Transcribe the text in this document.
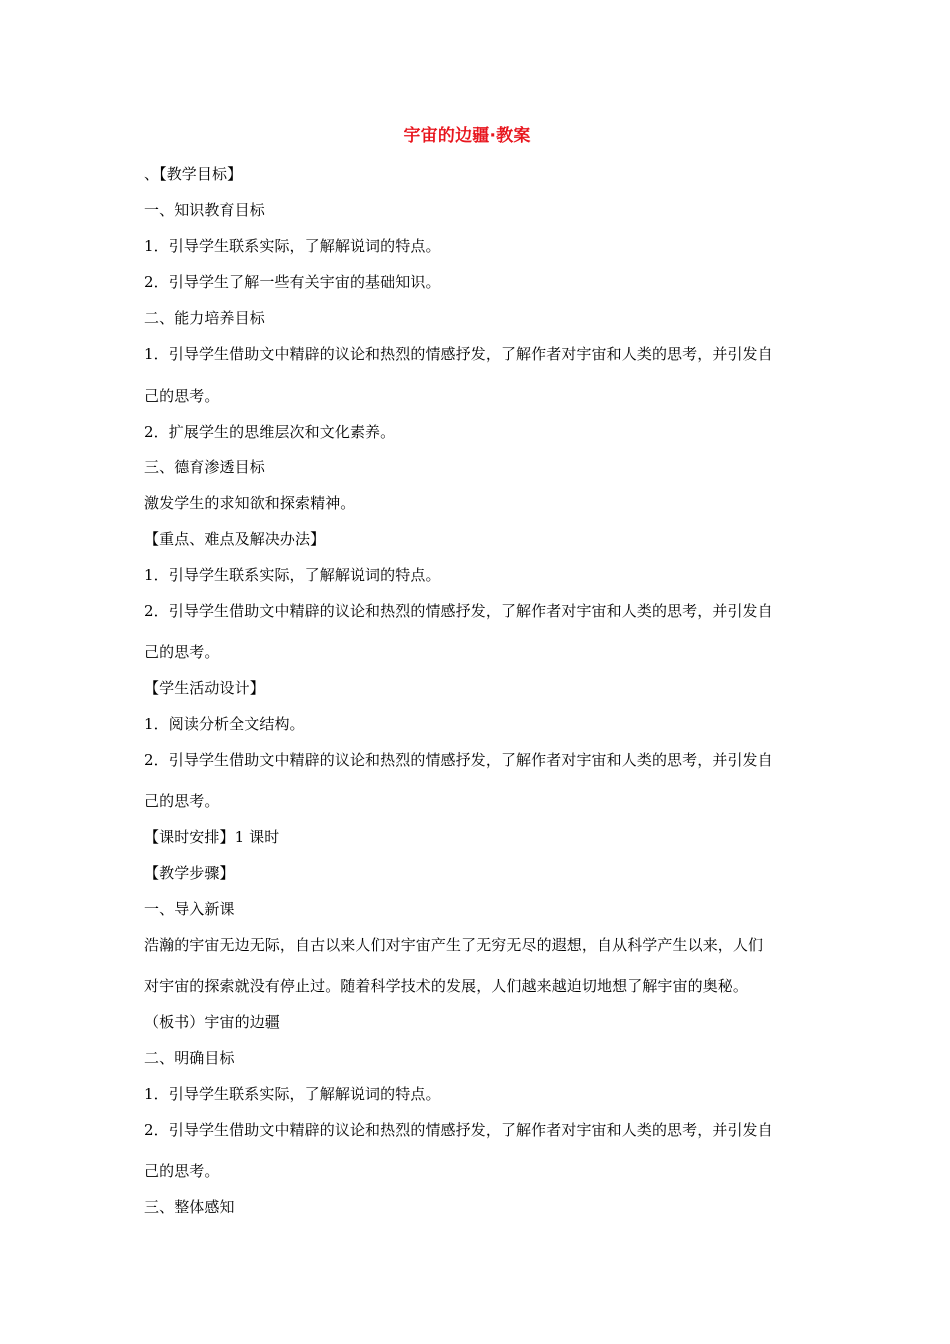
宇宙的边疆·教案
、【教学目标】
一、知识教育目标
1．引导学生联系实际，了解解说词的特点。
2．引导学生了解一些有关宇宙的基础知识。
二、能力培养目标
1．引导学生借助文中精辟的议论和热烈的情感抒发，了解作者对宇宙和人类的思考，并引发自
己的思考。
2．扩展学生的思维层次和文化素养。
三、德育渗透目标
激发学生的求知欲和探索精神。
【重点、难点及解决办法】
1．引导学生联系实际，了解解说词的特点。
2．引导学生借助文中精辟的议论和热烈的情感抒发，了解作者对宇宙和人类的思考，并引发自
己的思考。
【学生活动设计】
1．阅读分析全文结构。
2．引导学生借助文中精辟的议论和热烈的情感抒发，了解作者对宇宙和人类的思考，并引发自
己的思考。
【课时安排】1 课时
【教学步骤】
一、导入新课
浩瀚的宇宙无边无际，自古以来人们对宇宙产生了无穷无尽的遐想，自从科学产生以来，人们
对宇宙的探索就没有停止过。随着科学技术的发展，人们越来越迫切地想了解宇宙的奥秘。
（板书）宇宙的边疆
二、明确目标
1．引导学生联系实际，了解解说词的特点。
2．引导学生借助文中精辟的议论和热烈的情感抒发，了解作者对宇宙和人类的思考，并引发自
己的思考。
三、整体感知
